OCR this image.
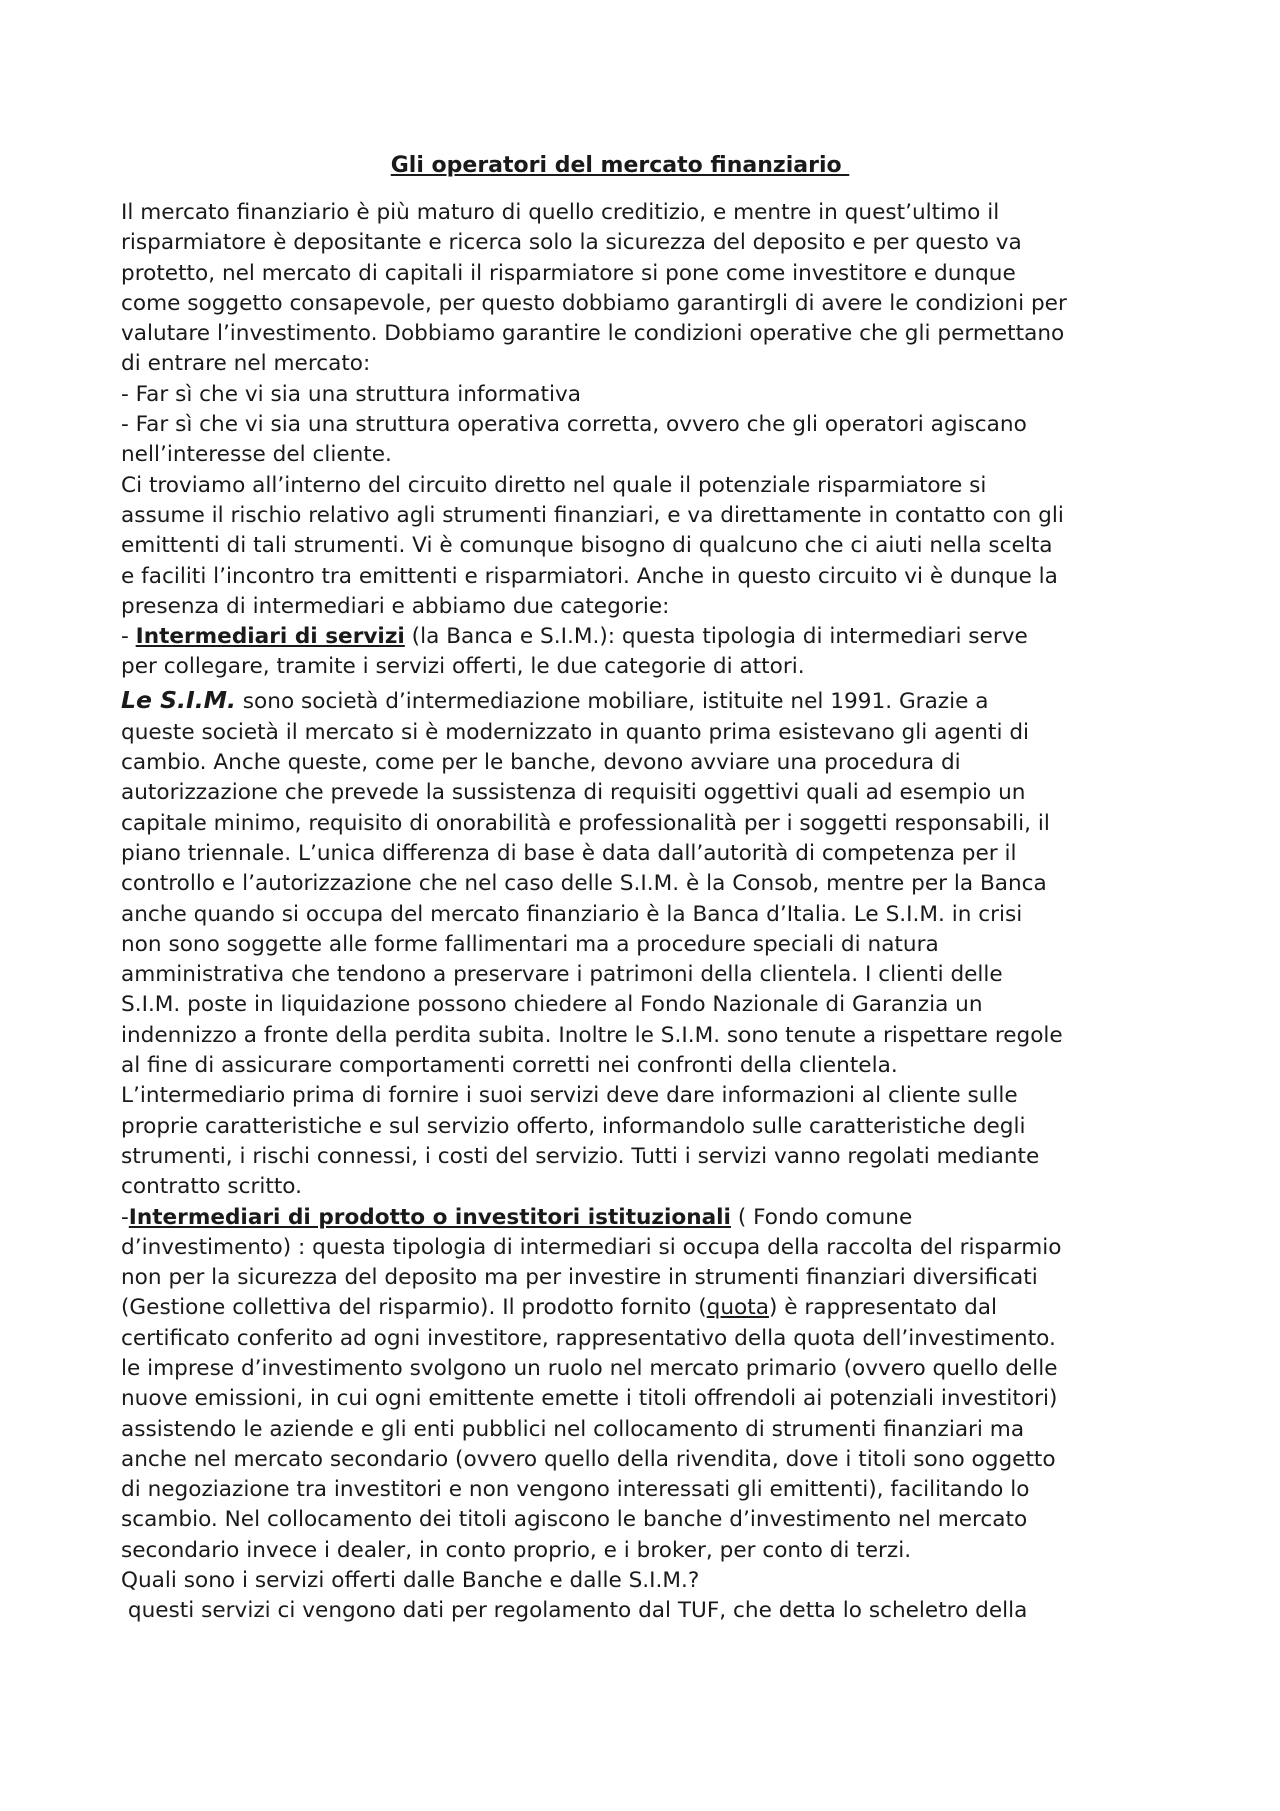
Gli operatori del mercato finanziario
Il mercato finanziario è più maturo di quello creditizio, e mentre in quest’ultimo il
risparmiatore è depositante e ricerca solo la sicurezza del deposito e per questo va
protetto, nel mercato di capitali il risparmiatore si pone come investitore e dunque
come soggetto consapevole, per questo dobbiamo garantirgli di avere le condizioni per
valutare l’investimento. Dobbiamo garantire le condizioni operative che gli permettano
di entrare nel mercato:
- Far sì che vi sia una struttura informativa
- Far sì che vi sia una struttura operativa corretta, ovvero che gli operatori agiscano
nell’interesse del cliente.
Ci troviamo all’interno del circuito diretto nel quale il potenziale risparmiatore si
assume il rischio relativo agli strumenti finanziari, e va direttamente in contatto con gli
emittenti di tali strumenti. Vi è comunque bisogno di qualcuno che ci aiuti nella scelta
e faciliti l’incontro tra emittenti e risparmiatori. Anche in questo circuito vi è dunque la
presenza di intermediari e abbiamo due categorie:
- Intermediari di servizi (la Banca e S.I.M.): questa tipologia di intermediari serve
per collegare, tramite i servizi offerti, le due categorie di attori.
Le S.I.M. sono società d’intermediazione mobiliare, istituite nel 1991. Grazie a
queste società il mercato si è modernizzato in quanto prima esistevano gli agenti di
cambio. Anche queste, come per le banche, devono avviare una procedura di
autorizzazione che prevede la sussistenza di requisiti oggettivi quali ad esempio un
capitale minimo, requisito di onorabilità e professionalità per i soggetti responsabili, il
piano triennale. L’unica differenza di base è data dall’autorità di competenza per il
controllo e l’autorizzazione che nel caso delle S.I.M. è la Consob, mentre per la Banca
anche quando si occupa del mercato finanziario è la Banca d’Italia. Le S.I.M. in crisi
non sono soggette alle forme fallimentari ma a procedure speciali di natura
amministrativa che tendono a preservare i patrimoni della clientela. I clienti delle
S.I.M. poste in liquidazione possono chiedere al Fondo Nazionale di Garanzia un
indennizzo a fronte della perdita subita. Inoltre le S.I.M. sono tenute a rispettare regole
al fine di assicurare comportamenti corretti nei confronti della clientela.
L’intermediario prima di fornire i suoi servizi deve dare informazioni al cliente sulle
proprie caratteristiche e sul servizio offerto, informandolo sulle caratteristiche degli
strumenti, i rischi connessi, i costi del servizio. Tutti i servizi vanno regolati mediante
contratto scritto.
-Intermediari di prodotto o investitori istituzionali ( Fondo comune
d’investimento) : questa tipologia di intermediari si occupa della raccolta del risparmio
non per la sicurezza del deposito ma per investire in strumenti finanziari diversificati
(Gestione collettiva del risparmio). Il prodotto fornito (quota) è rappresentato dal
certificato conferito ad ogni investitore, rappresentativo della quota dell’investimento.
le imprese d’investimento svolgono un ruolo nel mercato primario (ovvero quello delle
nuove emissioni, in cui ogni emittente emette i titoli offrendoli ai potenziali investitori)
assistendo le aziende e gli enti pubblici nel collocamento di strumenti finanziari ma
anche nel mercato secondario (ovvero quello della rivendita, dove i titoli sono oggetto
di negoziazione tra investitori e non vengono interessati gli emittenti), facilitando lo
scambio. Nel collocamento dei titoli agiscono le banche d’investimento nel mercato
secondario invece i dealer, in conto proprio, e i broker, per conto di terzi.
Quali sono i servizi offerti dalle Banche e dalle S.I.M.?
questi servizi ci vengono dati per regolamento dal TUF, che detta lo scheletro della
